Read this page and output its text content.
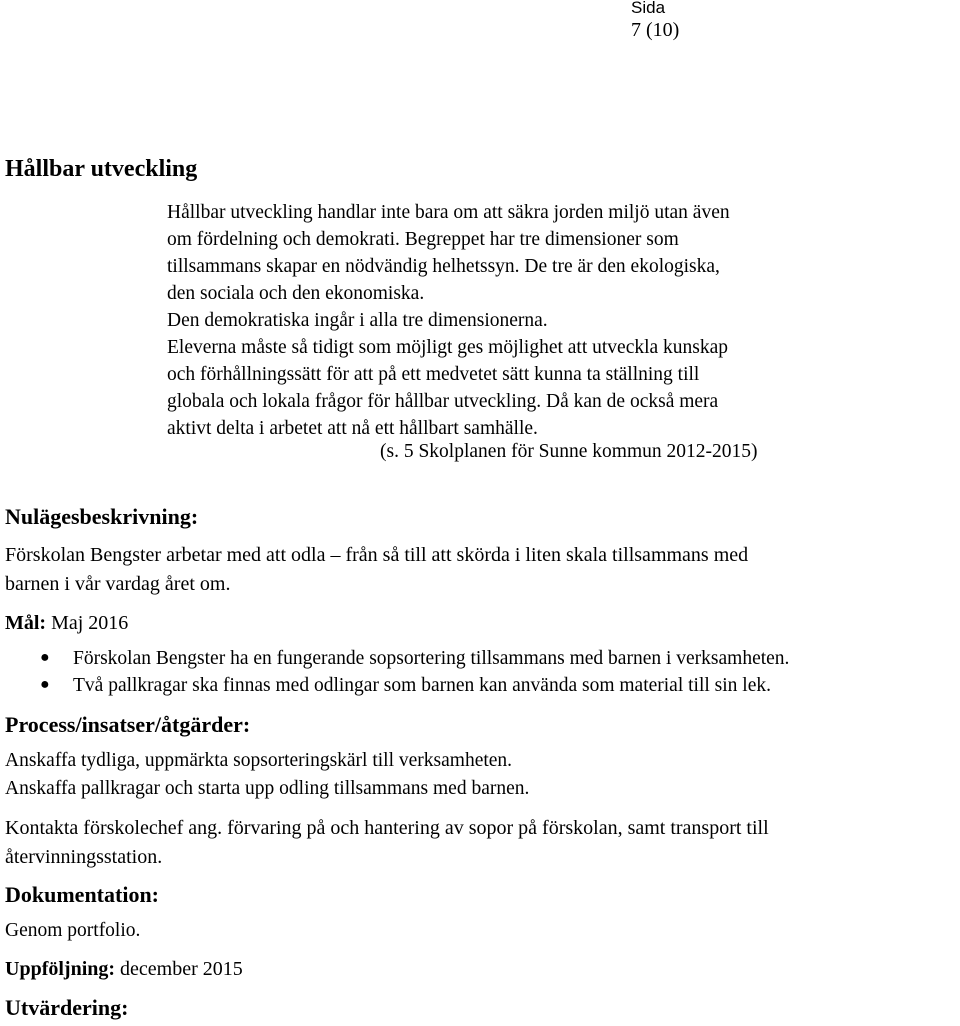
Sida
7 (10)
Hållbar utveckling
Hållbar utveckling handlar inte bara om att säkra jorden miljö utan även
om fördelning och demokrati. Begreppet har tre dimensioner som
tillsammans skapar en nödvändig helhetssyn. De tre är den ekologiska,
den sociala och den ekonomiska.
Den demokratiska ingår i alla tre dimensionerna.
Eleverna måste så tidigt som möjligt ges möjlighet att utveckla kunskap
och förhållningssätt för att på ett medvetet sätt kunna ta ställning till
globala och lokala frågor för hållbar utveckling. Då kan de också mera
aktivt delta i arbetet att nå ett hållbart samhälle.
(s. 5 Skolplanen för Sunne kommun 2012-2015)
Nulägesbeskrivning:
Förskolan Bengster arbetar med att odla – från så till att skörda i liten skala tillsammans med
barnen i vår vardag året om.
Mål: Maj 2016
● Förskolan Bengster ha en fungerande sopsortering tillsammans med barnen i verksamheten.
● Två pallkragar ska finnas med odlingar som barnen kan använda som material till sin lek.
Process/insatser/åtgärder:
Anskaffa tydliga, uppmärkta sopsorteringskärl till verksamheten.
Anskaffa pallkragar och starta upp odling tillsammans med barnen.
Kontakta förskolechef ang. förvaring på och hantering av sopor på förskolan, samt transport till
återvinningsstation.
Dokumentation:
Genom portfolio.
Uppföljning: december 2015
Utvärdering:
